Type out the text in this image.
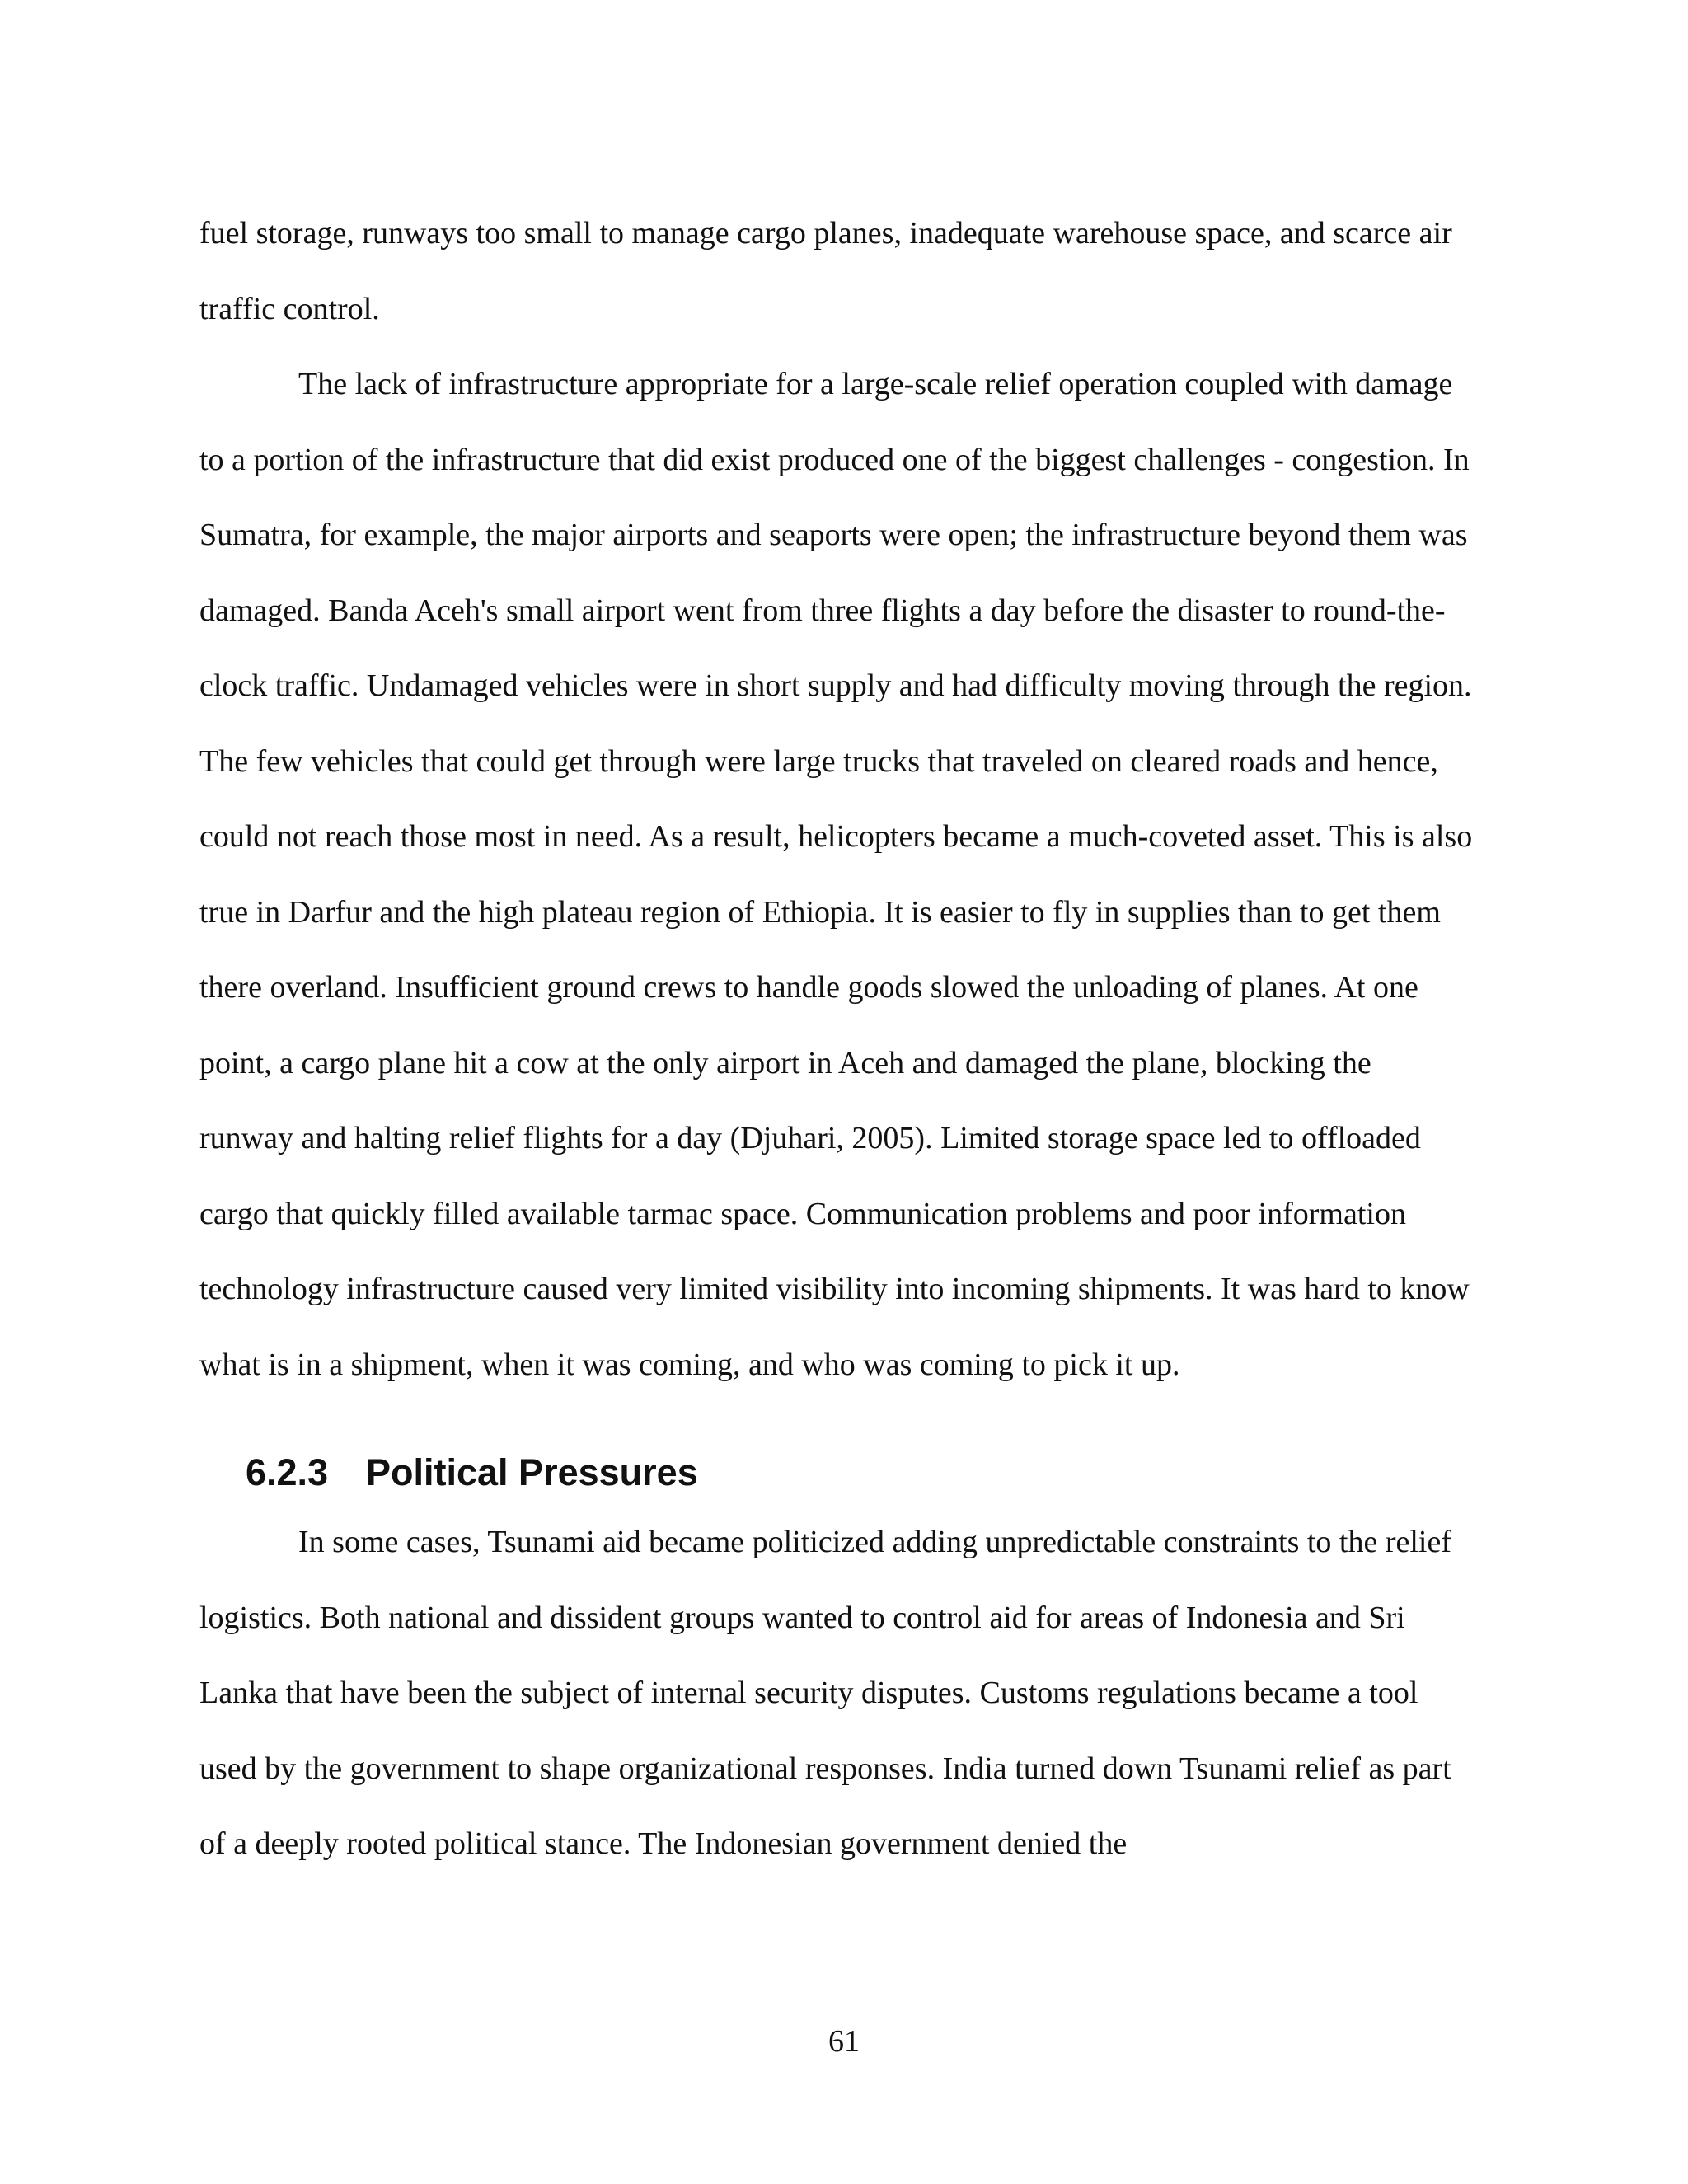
fuel storage, runways too small to manage cargo planes, inadequate warehouse space, and scarce air traffic control.

The lack of infrastructure appropriate for a large-scale relief operation coupled with damage to a portion of the infrastructure that did exist produced one of the biggest challenges - congestion. In Sumatra, for example, the major airports and seaports were open; the infrastructure beyond them was damaged. Banda Aceh's small airport went from three flights a day before the disaster to round-the-clock traffic. Undamaged vehicles were in short supply and had difficulty moving through the region. The few vehicles that could get through were large trucks that traveled on cleared roads and hence, could not reach those most in need. As a result, helicopters became a much-coveted asset. This is also true in Darfur and the high plateau region of Ethiopia. It is easier to fly in supplies than to get them there overland. Insufficient ground crews to handle goods slowed the unloading of planes. At one point, a cargo plane hit a cow at the only airport in Aceh and damaged the plane, blocking the runway and halting relief flights for a day (Djuhari, 2005). Limited storage space led to offloaded cargo that quickly filled available tarmac space. Communication problems and poor information technology infrastructure caused very limited visibility into incoming shipments. It was hard to know what is in a shipment, when it was coming, and who was coming to pick it up.

6.2.3 Political Pressures

In some cases, Tsunami aid became politicized adding unpredictable constraints to the relief logistics. Both national and dissident groups wanted to control aid for areas of Indonesia and Sri Lanka that have been the subject of internal security disputes. Customs regulations became a tool used by the government to shape organizational responses. India turned down Tsunami relief as part of a deeply rooted political stance. The Indonesian government denied the

61
